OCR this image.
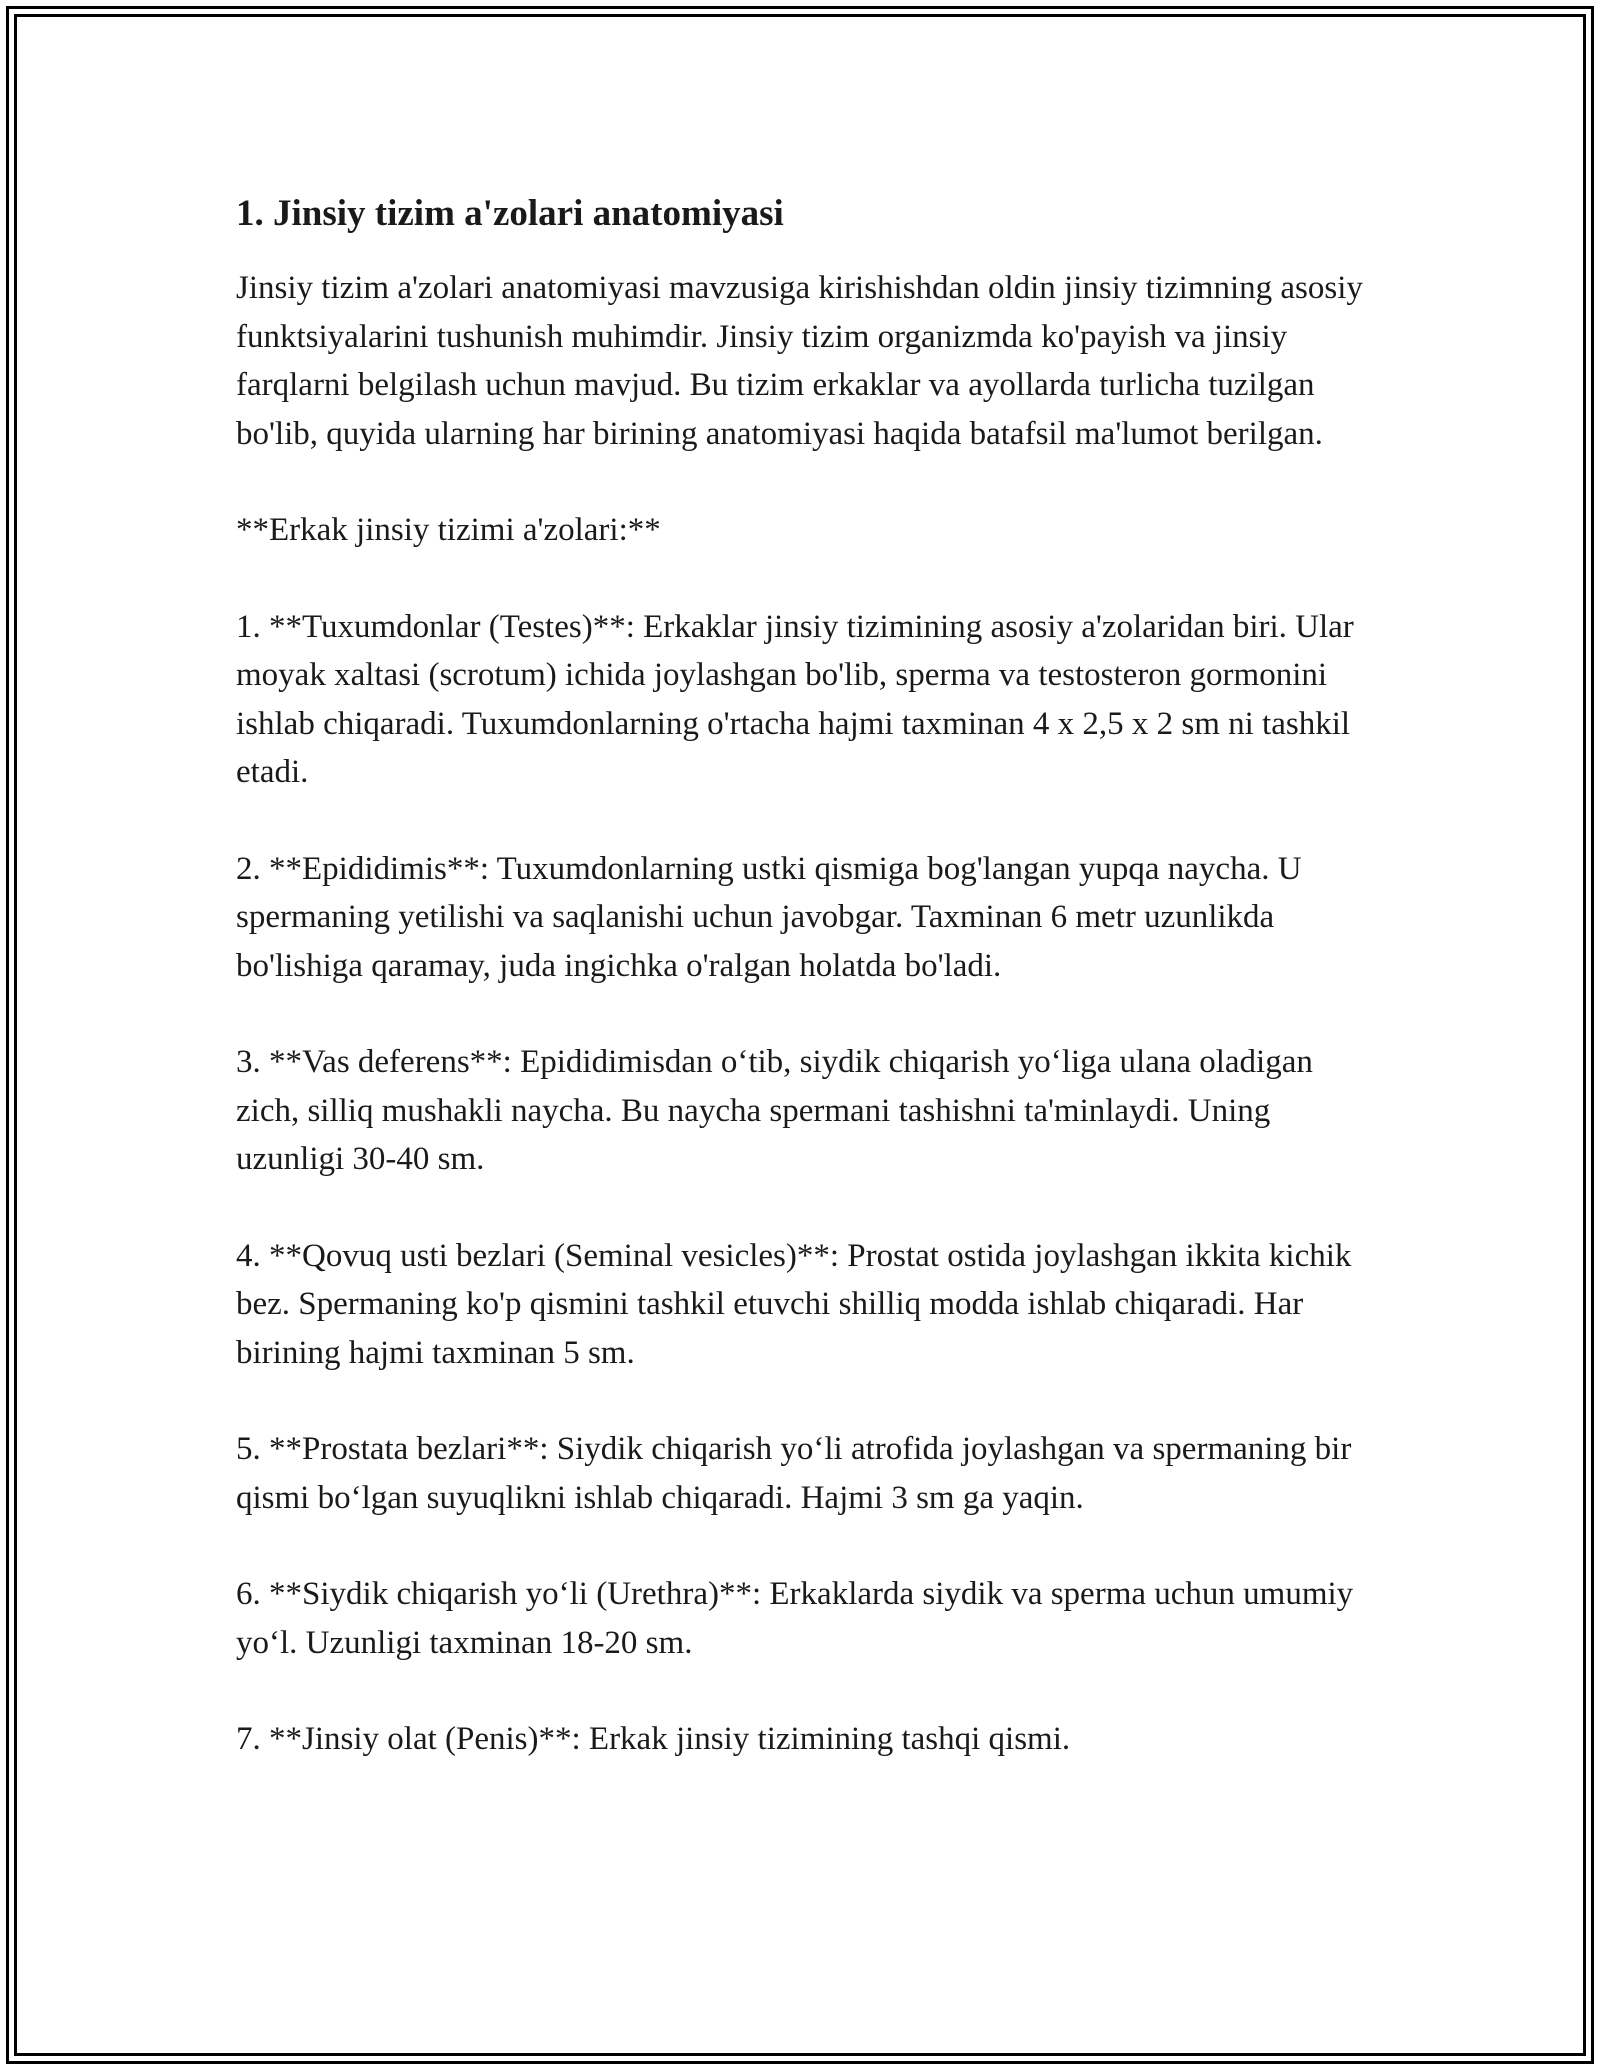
1. Jinsiy tizim a'zolari anatomiyasi

Jinsiy tizim a'zolari anatomiyasi mavzusiga kirishishdan oldin jinsiy tizimning asosiy funktsiyalarini tushunish muhimdir. Jinsiy tizim organizmda ko'payish va jinsiy farqlarni belgilash uchun mavjud. Bu tizim erkaklar va ayollarda turlicha tuzilgan bo'lib, quyida ularning har birining anatomiyasi haqida batafsil ma'lumot berilgan.

**Erkak jinsiy tizimi a'zolari:**

1. **Tuxumdonlar (Testes)**: Erkaklar jinsiy tizimining asosiy a'zolaridan biri. Ular moyak xaltasi (scrotum) ichida joylashgan bo'lib, sperma va testosteron gormonini ishlab chiqaradi. Tuxumdonlarning o'rtacha hajmi taxminan 4 x 2,5 x 2 sm ni tashkil etadi.

2. **Epididimis**: Tuxumdonlarning ustki qismiga bog'langan yupqa naycha. U spermaning yetilishi va saqlanishi uchun javobgar. Taxminan 6 metr uzunlikda bo'lishiga qaramay, juda ingichka o'ralgan holatda bo'ladi.

3. **Vas deferens**: Epididimisdan o‘tib, siydik chiqarish yo‘liga ulana oladigan zich, silliq mushakli naycha. Bu naycha spermani tashishni ta'minlaydi. Uning uzunligi 30-40 sm.

4. **Qovuq usti bezlari (Seminal vesicles)**: Prostat ostida joylashgan ikkita kichik bez. Spermaning ko'p qismini tashkil etuvchi shilliq modda ishlab chiqaradi. Har birining hajmi taxminan 5 sm.

5. **Prostata bezlari**: Siydik chiqarish yo‘li atrofida joylashgan va spermaning bir qismi bo‘lgan suyuqlikni ishlab chiqaradi. Hajmi 3 sm ga yaqin.

6. **Siydik chiqarish yo‘li (Urethra)**: Erkaklarda siydik va sperma uchun umumiy yo‘l. Uzunligi taxminan 18-20 sm.

7. **Jinsiy olat (Penis)**: Erkak jinsiy tizimining tashqi qismi.
